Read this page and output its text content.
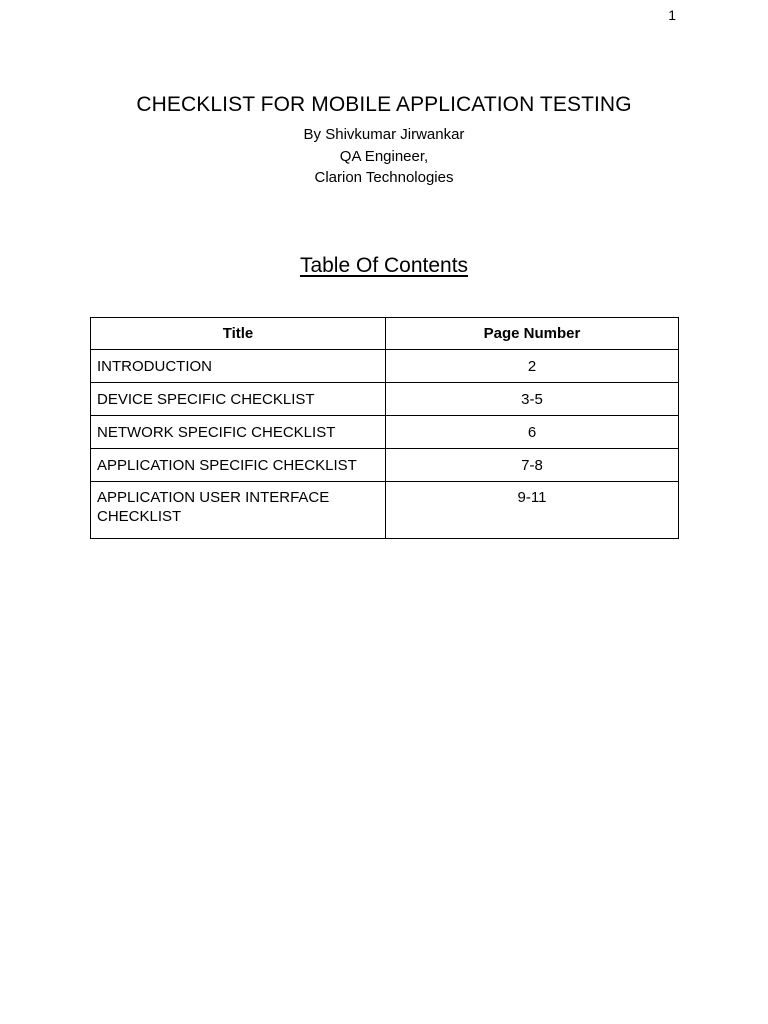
1
CHECKLIST FOR MOBILE APPLICATION TESTING
By Shivkumar Jirwankar
QA Engineer,
Clarion Technologies
Table Of Contents
Title	Page Number
INTRODUCTION	2
DEVICE SPECIFIC CHECKLIST	3-5
NETWORK SPECIFIC CHECKLIST	6
APPLICATION SPECIFIC CHECKLIST	7-8
APPLICATION USER INTERFACE CHECKLIST	9-11
